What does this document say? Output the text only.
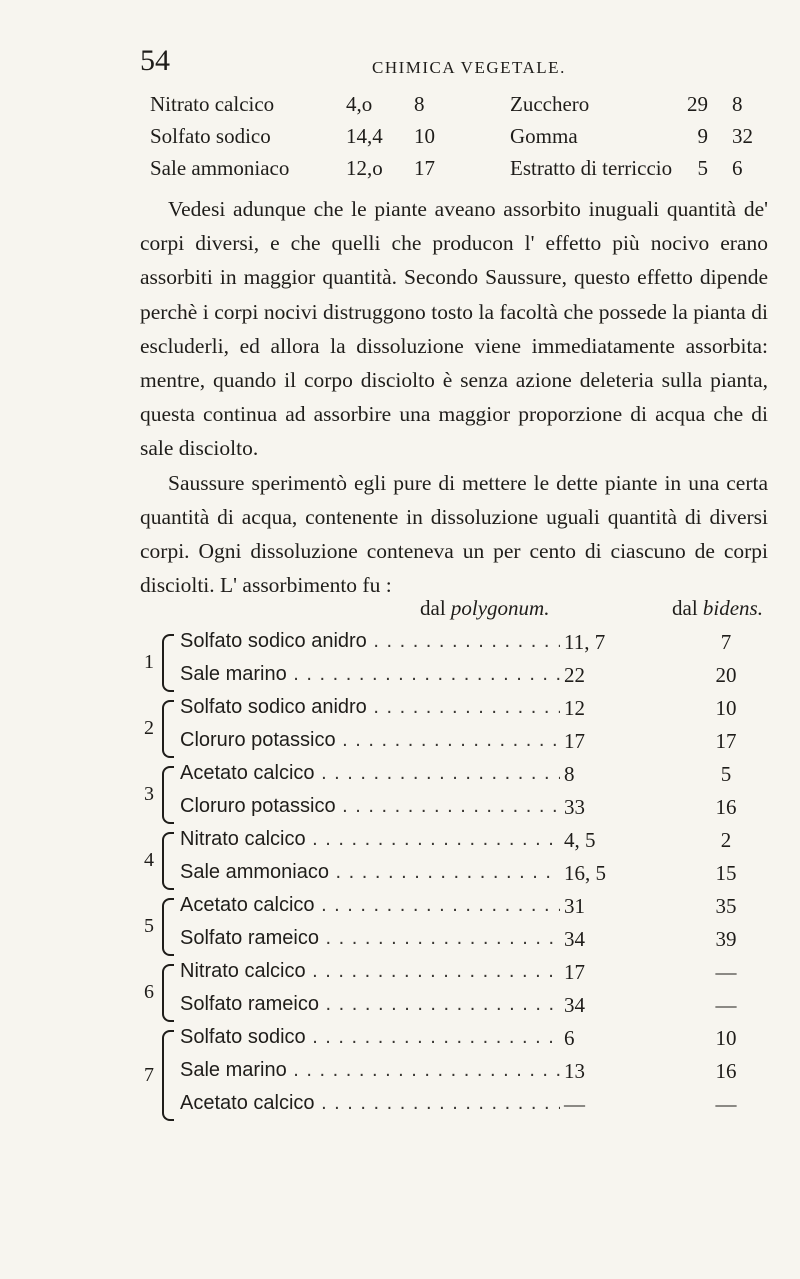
54	CHIMICA VEGETALE.
Nitrato calcico	4,o 8	Zucchero	29 8
Solfato sodico	14,4 10	Gomma	9 32
Sale ammoniaco	12,o 17	Estratto di terriccio	5 6

Vedesi adunque che le piante aveano assorbito inuguali quantità de' corpi diversi, e che quelli che producon l' effetto più nocivo erano assorbiti in maggior quantità. Secondo Saussure, questo effetto dipende perchè i corpi nocivi distruggono tosto la facoltà che possede la pianta di escluderli, ed allora la dissoluzione viene immediatamente assorbita: mentre, quando il corpo disciolto è senza azione deleteria sulla pianta, questa continua ad assorbire una maggior proporzione di acqua che di sale disciolto.

Saussure sperimentò egli pure di mettere le dette piante in una certa quantità di acqua, contenente in dissoluzione uguali quantità di diversi corpi. Ogni dissoluzione conteneva un per cento di ciascuno de corpi disciolti. L' assorbimento fu :

dal polygonum.	dal bidens.
Solfato sodico anidro . . .	11, 7	7
Sale marino . . .	22	20
1
Solfato sodico anidro . . .	12	10
Cloruro potassico . . .	17	17
2
Acetato calcico . . .	8	5
Cloruro potassico . . .	33	16
3
Nitrato calcico . . .	4, 5	2
Sale ammoniaco . . .	16, 5	15
4
Acetato calcico . . .	31	35
Solfato rameico . . .	34	39
5
Nitrato calcico . . .	17	—
Solfato rameico . . .	34	—
6
Solfato sodico . . .	6	10
Sale marino . . .	13	16
Acetato calcico . . .	—	—
7
